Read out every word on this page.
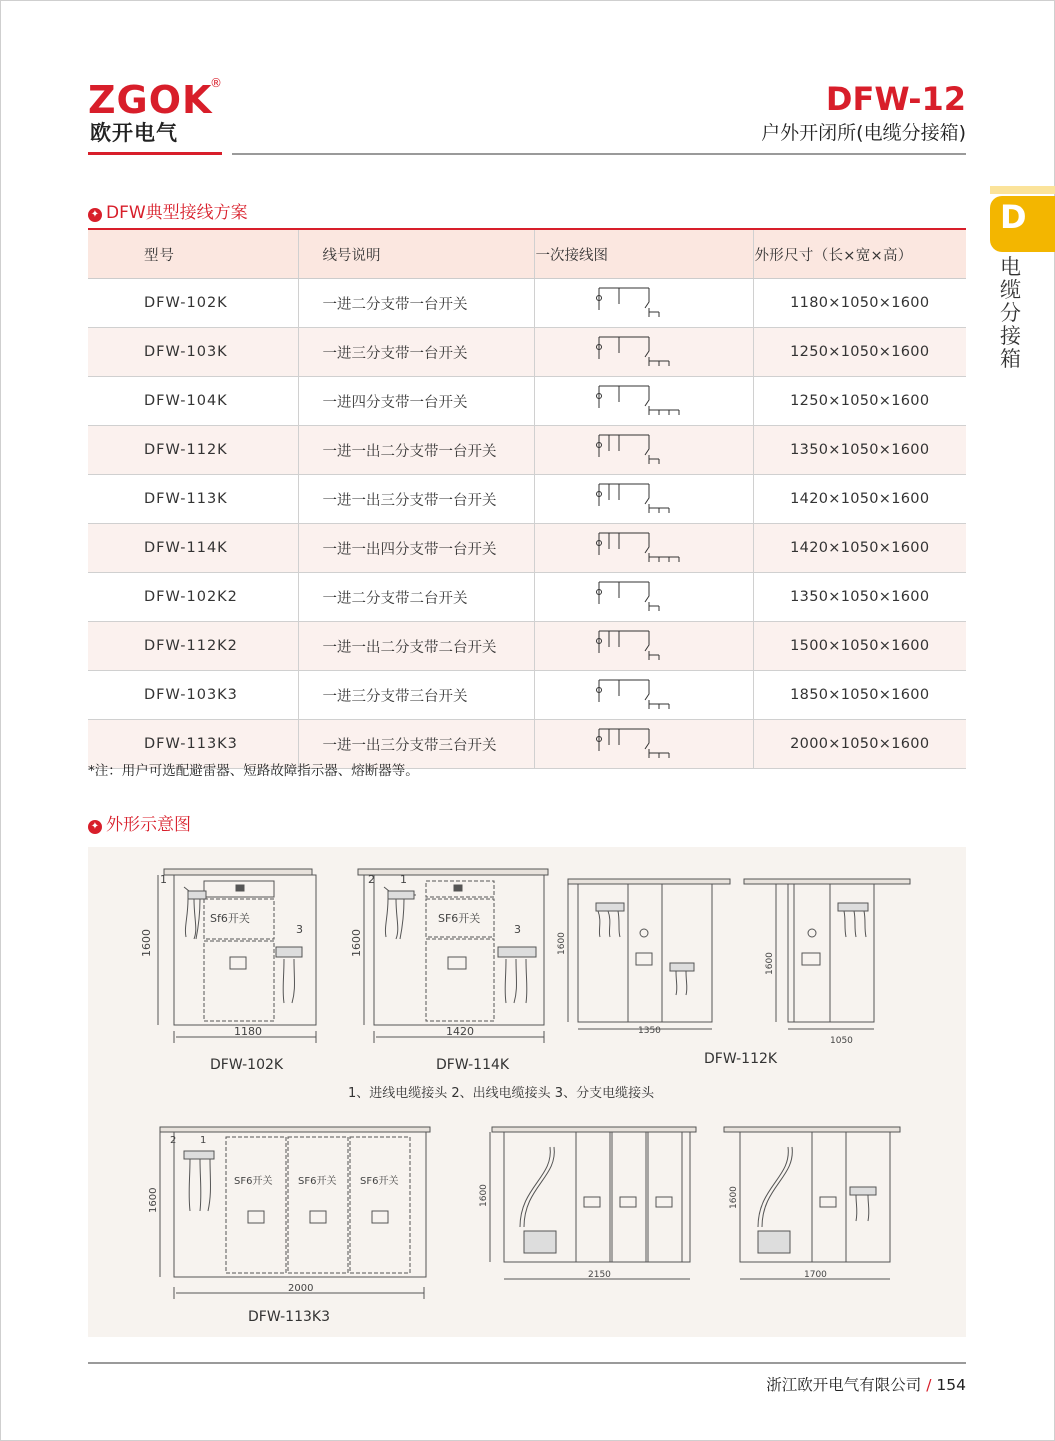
ZGOK
®
欧开电气
DFW-12
户外开闭所(电缆分接箱)
D
电缆分接箱
✦ DFW典型接线方案
型号	线号说明	一次接线图	外形尺寸（长×宽×高）
DFW-102K	一进二分支带一台开关		1180×1050×1600
DFW-103K	一进三分支带一台开关		1250×1050×1600
DFW-104K	一进四分支带一台开关		1250×1050×1600
DFW-112K	一进一出二分支带一台开关		1350×1050×1600
DFW-113K	一进一出三分支带一台开关		1420×1050×1600
DFW-114K	一进一出四分支带一台开关		1420×1050×1600
DFW-102K2	一进二分支带二台开关		1350×1050×1600
DFW-112K2	一进一出二分支带二台开关		1500×1050×1600
DFW-103K3	一进三分支带三台开关		1850×1050×1600
DFW-113K3	一进一出三分支带三台开关		2000×1050×1600
*注：用户可选配避雷器、短路故障指示器、熔断器等。
✦ 外形示意图
1600
1180
Sf6开关
1
3
DFW-102K
1600
1420
SF6开关
2 1
3
DFW-114K
1350
1600
1050
1600
DFW-112K
1、进线电缆接头 2、出线电缆接头 3、分支电缆接头
1600
2000
SF6开关	SF6开关 SF6开关
2 1
DFW-113K3
1600
2150
1600
1700
浙江欧开电气有限公司 / 154
